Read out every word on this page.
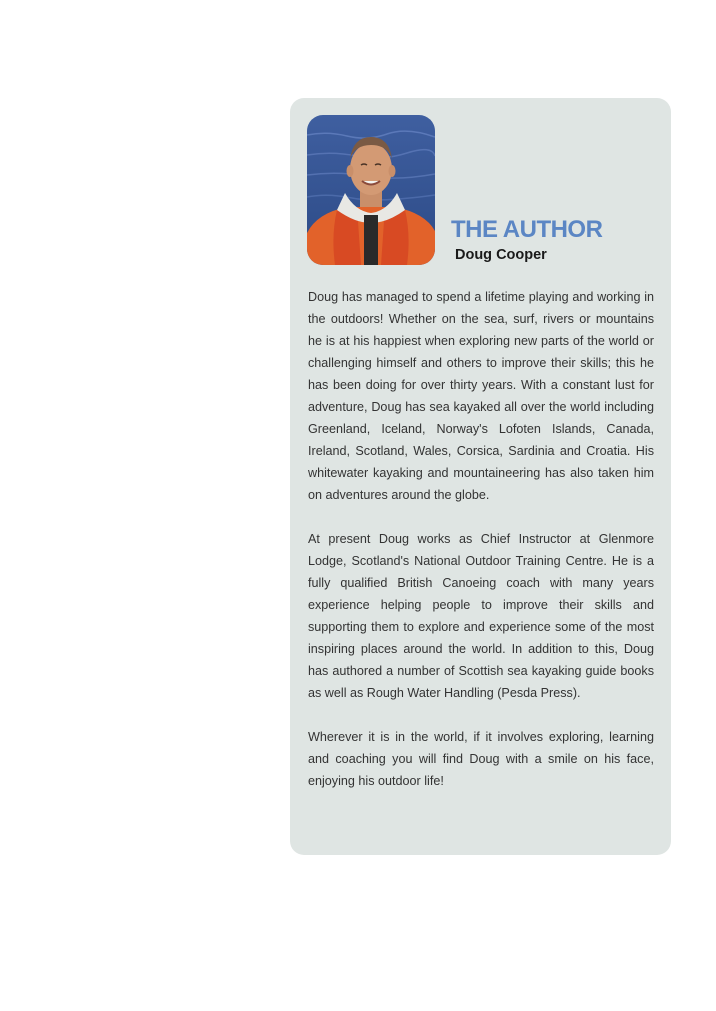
THE AUTHOR
Doug Cooper

Doug has managed to spend a lifetime playing and working in the outdoors! Whether on the sea, surf, rivers or mountains he is at his happiest when exploring new parts of the world or challenging himself and others to improve their skills; this he has been doing for over thirty years. With a constant lust for adventure, Doug has sea kayaked all over the world including Greenland, Iceland, Norway's Lofoten Islands, Canada, Ireland, Scotland, Wales, Corsica, Sardinia and Croatia. His whitewater kayaking and mountaineering has also taken him on adventures around the globe.

At present Doug works as Chief Instructor at Glenmore Lodge, Scotland's National Outdoor Training Centre. He is a fully qualified British Canoeing coach with many years experience helping people to improve their skills and supporting them to explore and experience some of the most inspiring places around the world. In addition to this, Doug has authored a number of Scottish sea kayaking guide books as well as Rough Water Handling (Pesda Press).

Wherever it is in the world, if it involves exploring, learning and coaching you will find Doug with a smile on his face, enjoying his outdoor life!
